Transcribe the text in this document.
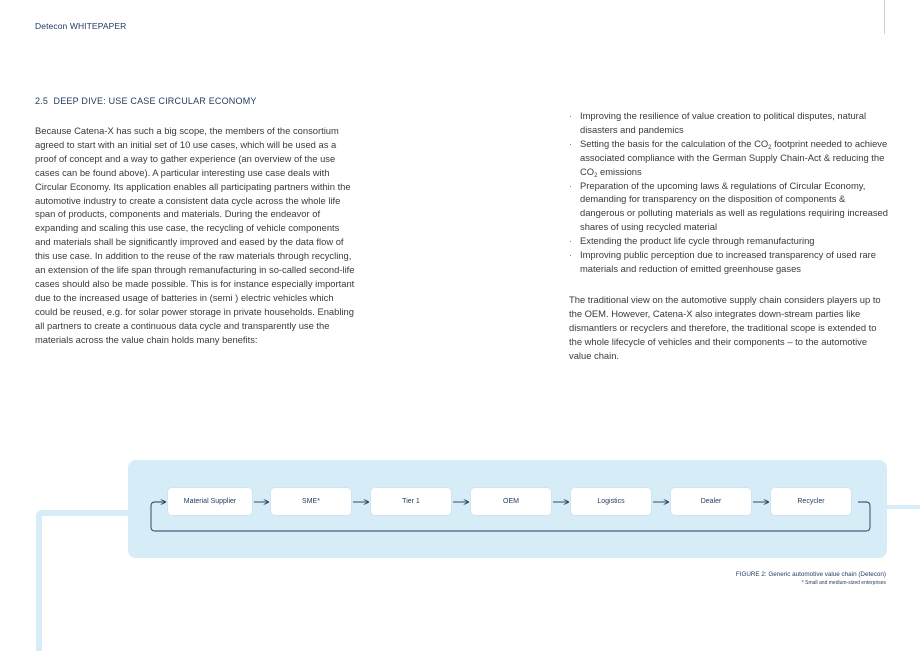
Detecon WHITEPAPER
2.5 DEEP DIVE: USE CASE CIRCULAR ECONOMY

Because Catena-X has such a big scope, the members of the consortium agreed to start with an initial set of 10 use cases, which will be used as a proof of concept and a way to gather experience (an overview of the use cases can be found above). A particular interesting use case deals with Circular Economy. Its application enables all participating partners within the automotive industry to create a consistent data cycle across the whole life span of products, components and materials. During the endeavor of expanding and scaling this use case, the recycling of vehicle components and materials shall be significantly improved and eased by the data flow of this use case. In addition to the reuse of the raw materials through recycling, an extension of the life span through remanufacturing in so-called second-life cases should also be made possible. This is for instance especially important due to the increased usage of batteries in (semi ) electric vehicles which could be reused, e.g. for solar power storage in private households. Enabling all partners to create a continuous data cycle and transparently use the materials across the value chain holds many benefits:

· Improving the resilience of value creation to political disputes, natural disasters and pandemics
· Setting the basis for the calculation of the $CO_2$ footprint needed to achieve associated compliance with the German Supply Chain-Act & reducing the $CO_2$ emissions
· Preparation of the upcoming laws & regulations of Circular Economy, demanding for transparency on the disposition of components & dangerous or polluting materials as well as regulations requiring increased shares of using recycled material
· Extending the product life cycle through remanufacturing
· Improving public perception due to increased transparency of used rare materials and reduction of emitted greenhouse gases

The traditional view on the automotive supply chain considers players up to the OEM. However, Catena-X also integrates down-stream parties like dismantlers or recyclers and therefore, the traditional scope is extended to the whole lifecycle of vehicles and their components – to the automotive value chain.

Material Supplier	SME*	Tier 1	OEM	Logistics	Dealer	Recycler
FIGURE 2: Generic automotive value chain (Detecon)
* Small and medium-sized enterprises
